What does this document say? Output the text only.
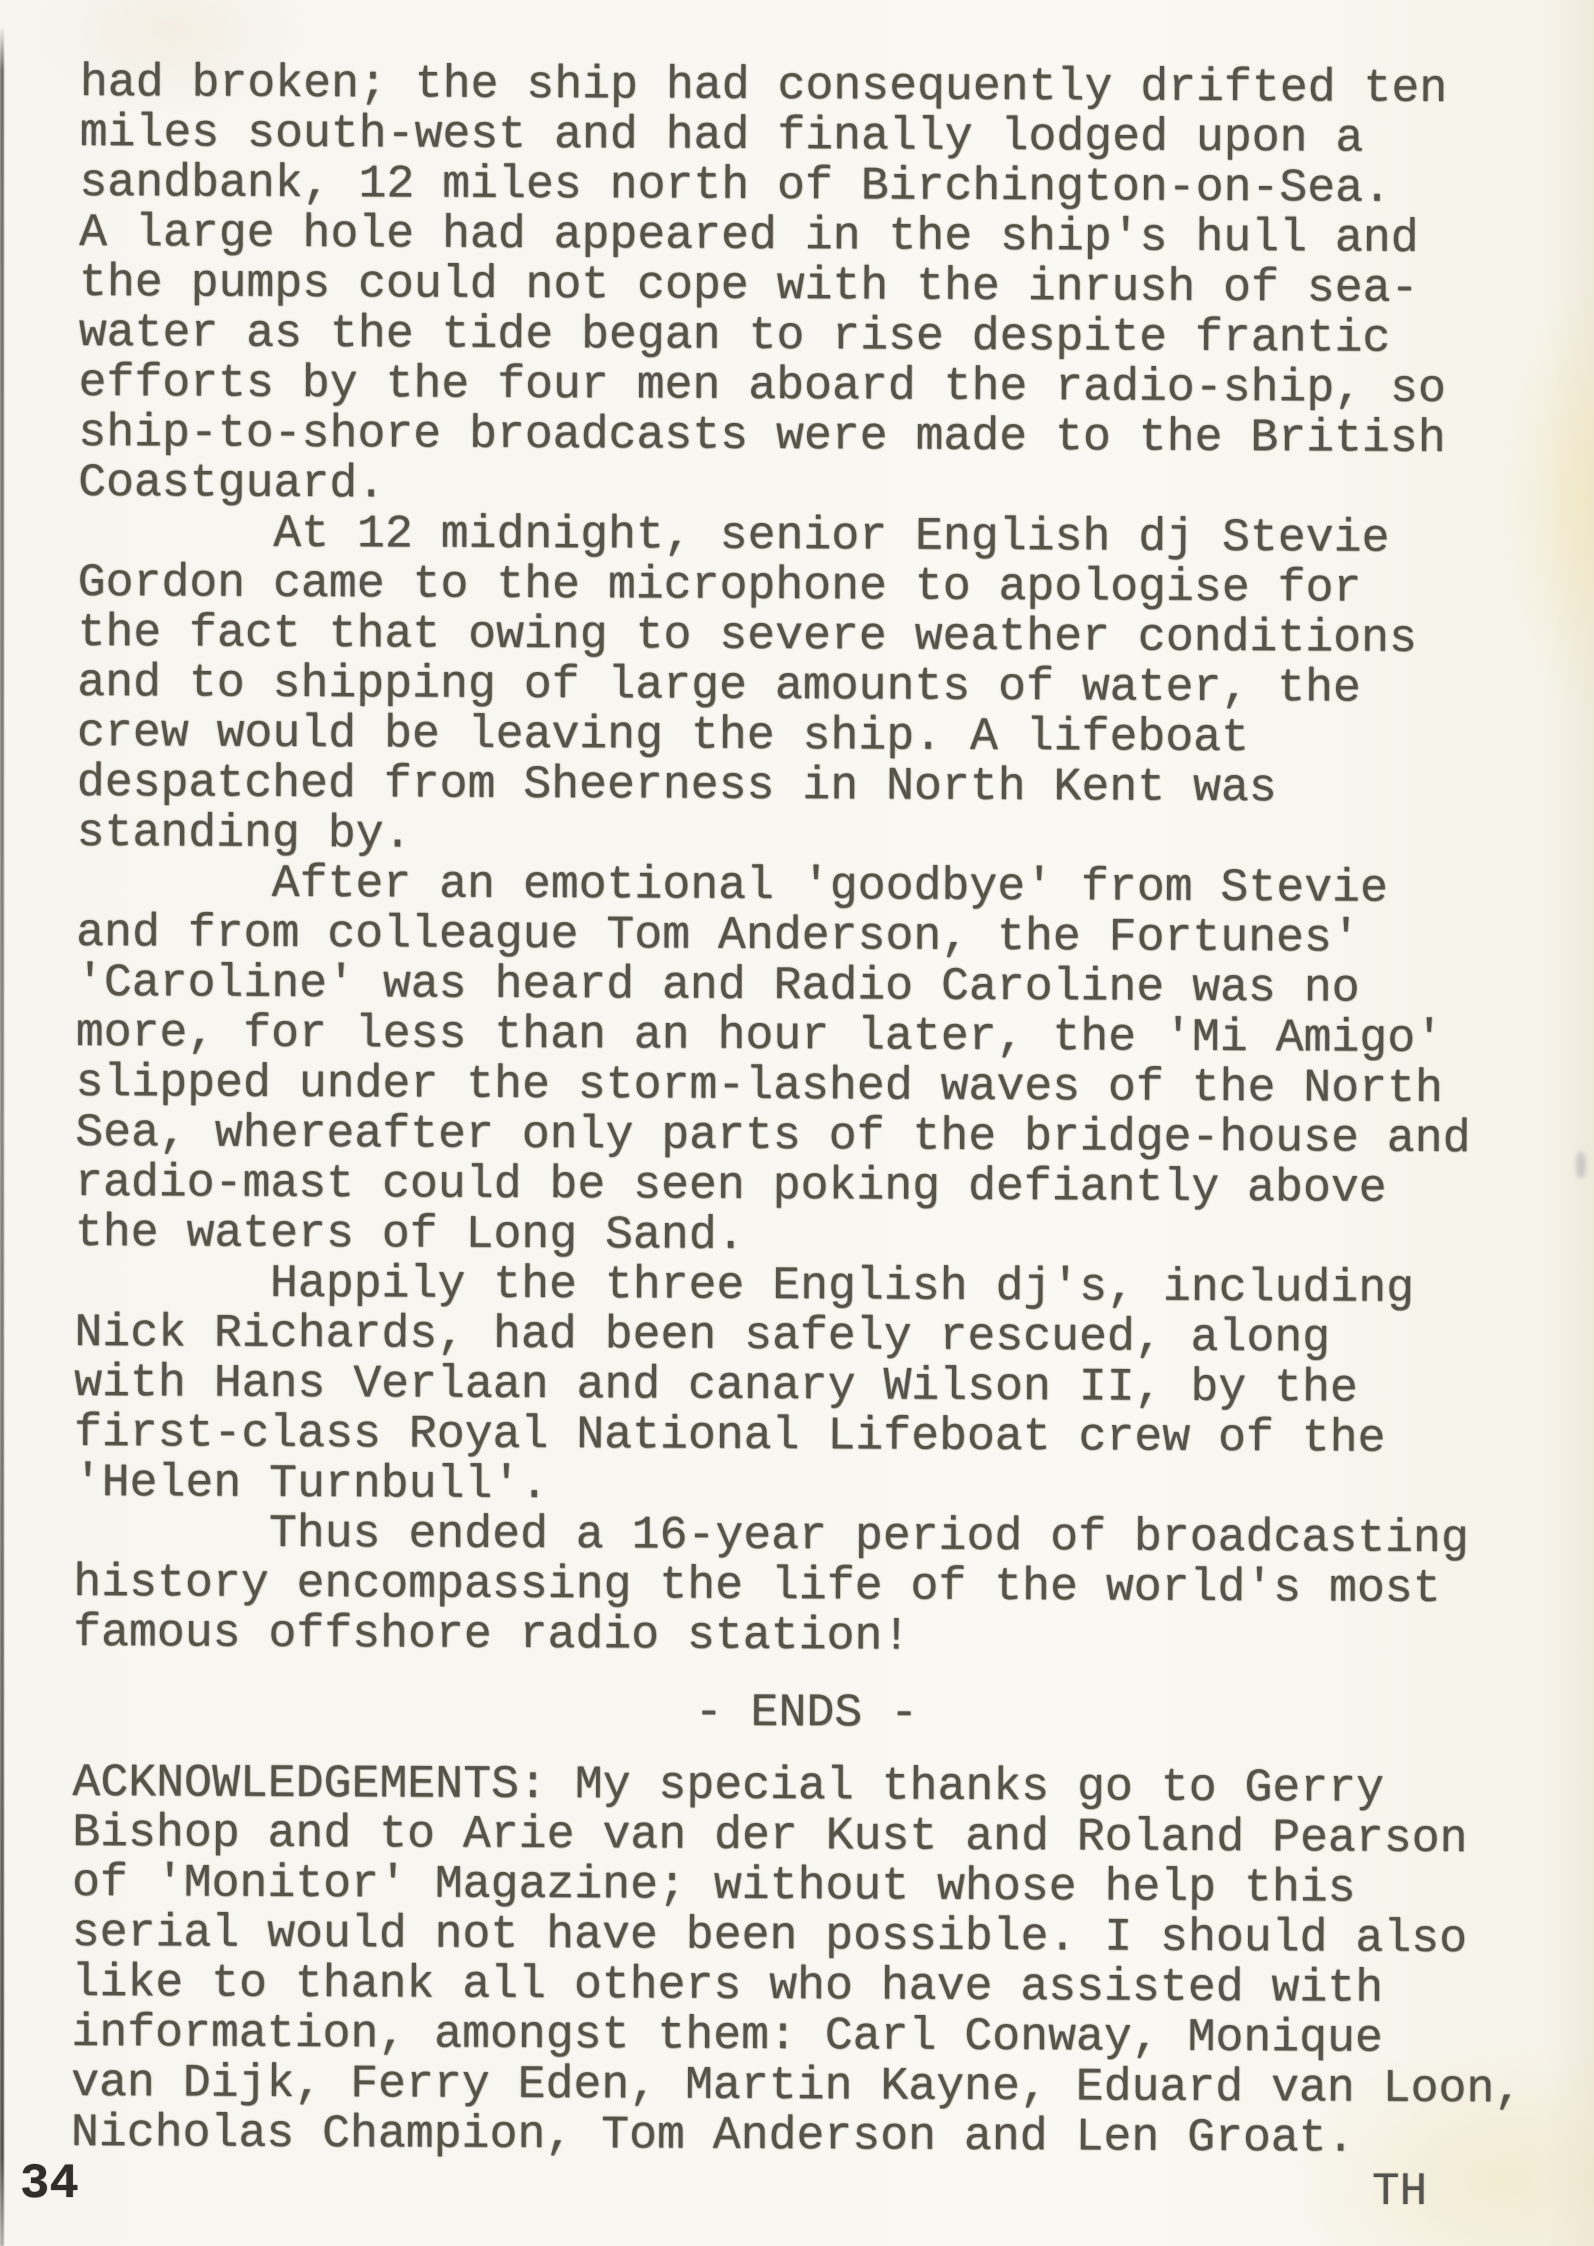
had broken; the ship had consequently drifted ten
miles south-west and had finally lodged upon a
sandbank, 12 miles north of Birchington-on-Sea.
A large hole had appeared in the ship's hull and
the pumps could not cope with the inrush of sea-
water as the tide began to rise despite frantic
efforts by the four men aboard the radio-ship, so
ship-to-shore broadcasts were made to the British
Coastguard.
At 12 midnight, senior English dj Stevie
Gordon came to the microphone to apologise for
the fact that owing to severe weather conditions
and to shipping of large amounts of water, the
crew would be leaving the ship. A lifeboat
despatched from Sheerness in North Kent was
standing by.
After an emotional 'goodbye' from Stevie
and from colleague Tom Anderson, the Fortunes'
'Caroline' was heard and Radio Caroline was no
more, for less than an hour later, the 'Mi Amigo'
slipped under the storm-lashed waves of the North
Sea, whereafter only parts of the bridge-house and
radio-mast could be seen poking defiantly above
the waters of Long Sand.
Happily the three English dj's, including
Nick Richards, had been safely rescued, along
with Hans Verlaan and canary Wilson II, by the
first-class Royal National Lifeboat crew of the
'Helen Turnbull'.
Thus ended a 16-year period of broadcasting
history encompassing the life of the world's most
famous offshore radio station!
- ENDS -
ACKNOWLEDGEMENTS: My special thanks go to Gerry
Bishop and to Arie van der Kust and Roland Pearson
of 'Monitor' Magazine; without whose help this
serial would not have been possible. I should also
like to thank all others who have assisted with
information, amongst them: Carl Conway, Monique
van Dijk, Ferry Eden, Martin Kayne, Eduard van Loon,
Nicholas Champion, Tom Anderson and Len Groat.
34	TH
